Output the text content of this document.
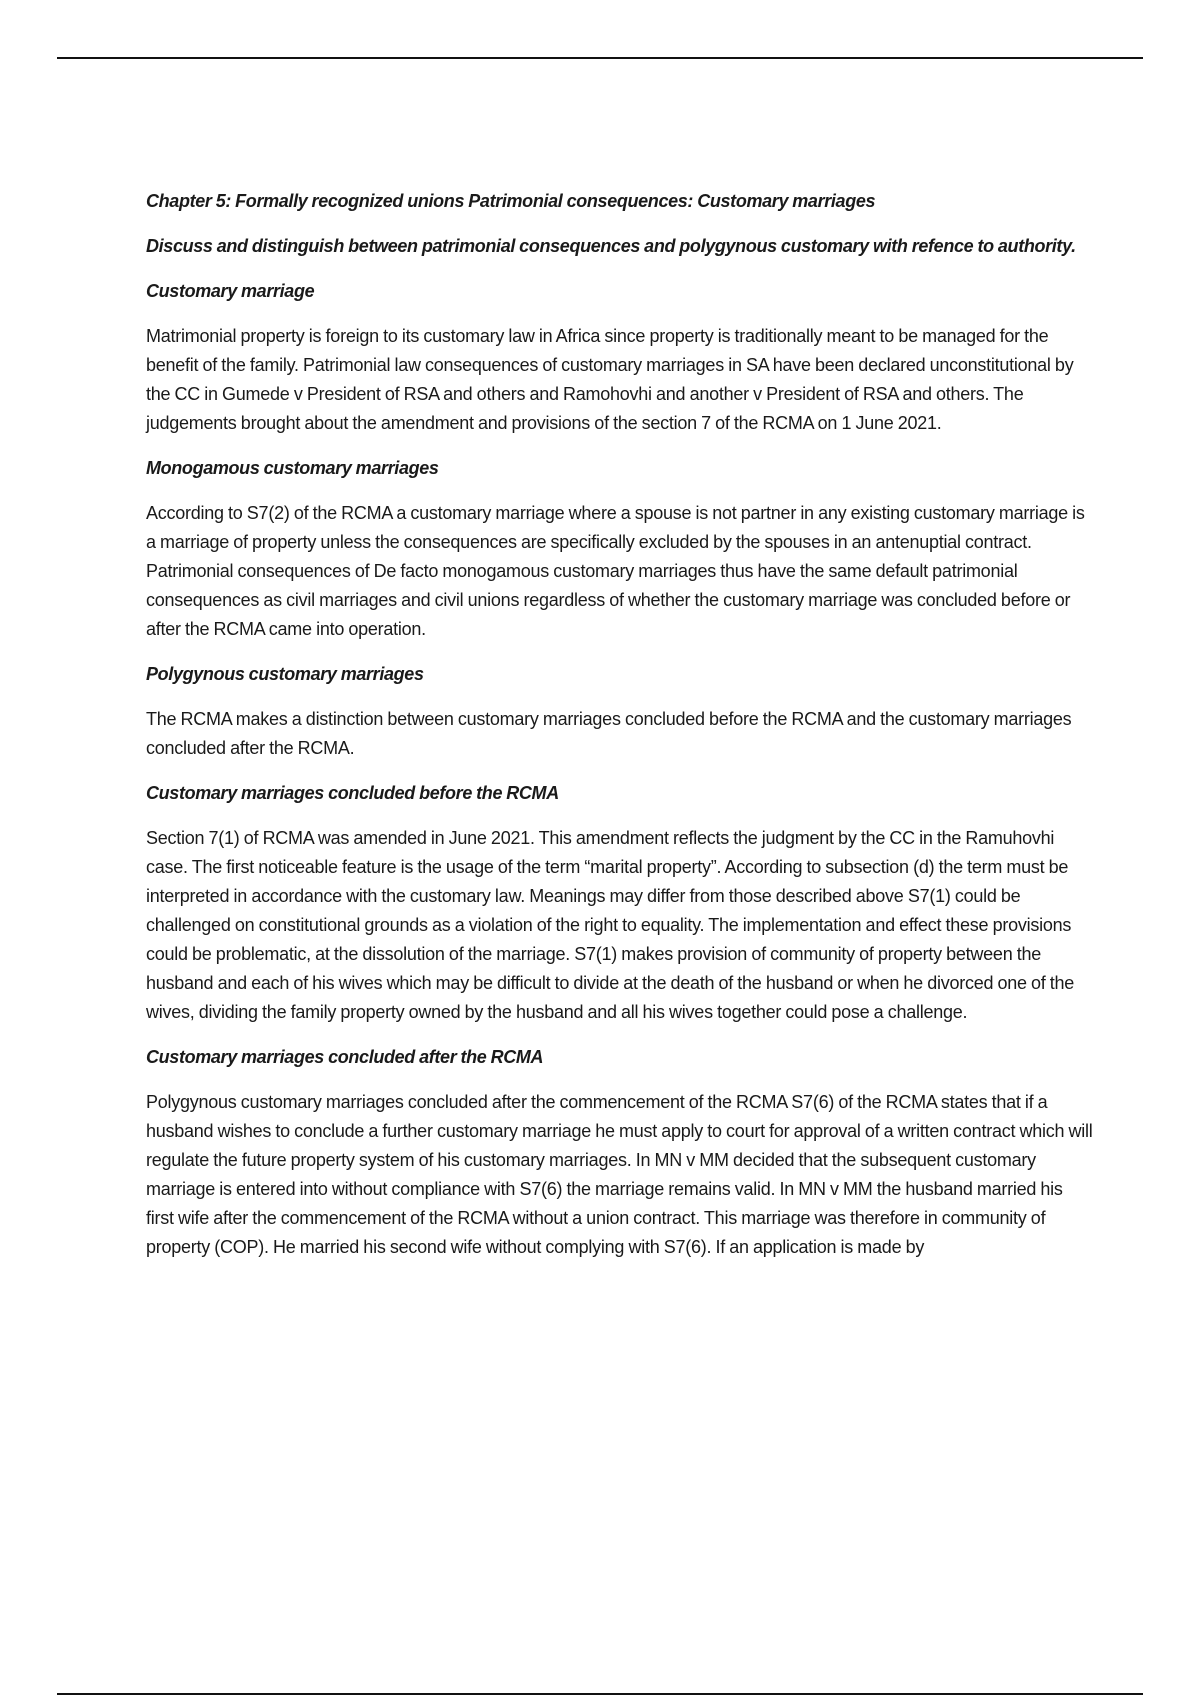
Chapter 5: Formally recognized unions Patrimonial consequences: Customary marriages

Discuss and distinguish between patrimonial consequences and polygynous customary with refence to authority.

Customary marriage

Matrimonial property is foreign to its customary law in Africa since property is traditionally meant to be managed for the benefit of the family. Patrimonial law consequences of customary marriages in SA have been declared unconstitutional by the CC in Gumede v President of RSA and others and Ramohovhi and another v President of RSA and others. The judgements brought about the amendment and provisions of the section 7 of the RCMA on 1 June 2021.

Monogamous customary marriages

According to S7(2) of the RCMA a customary marriage where a spouse is not partner in any existing customary marriage is a marriage of property unless the consequences are specifically excluded by the spouses in an antenuptial contract. Patrimonial consequences of De facto monogamous customary marriages thus have the same default patrimonial consequences as civil marriages and civil unions regardless of whether the customary marriage was concluded before or after the RCMA came into operation.

Polygynous customary marriages

The RCMA makes a distinction between customary marriages concluded before the RCMA and the customary marriages concluded after the RCMA.

Customary marriages concluded before the RCMA

Section 7(1) of RCMA was amended in June 2021. This amendment reflects the judgment by the CC in the Ramuhovhi case. The first noticeable feature is the usage of the term “marital property”. According to subsection (d) the term must be interpreted in accordance with the customary law. Meanings may differ from those described above S7(1) could be challenged on constitutional grounds as a violation of the right to equality. The implementation and effect these provisions could be problematic, at the dissolution of the marriage. S7(1) makes provision of community of property between the husband and each of his wives which may be difficult to divide at the death of the husband or when he divorced one of the wives, dividing the family property owned by the husband and all his wives together could pose a challenge.

Customary marriages concluded after the RCMA

Polygynous customary marriages concluded after the commencement of the RCMA S7(6) of the RCMA states that if a husband wishes to conclude a further customary marriage he must apply to court for approval of a written contract which will regulate the future property system of his customary marriages. In MN v MM decided that the subsequent customary marriage is entered into without compliance with S7(6) the marriage remains valid. In MN v MM the husband married his first wife after the commencement of the RCMA without a union contract. This marriage was therefore in community of property (COP). He married his second wife without complying with S7(6). If an application is made by
